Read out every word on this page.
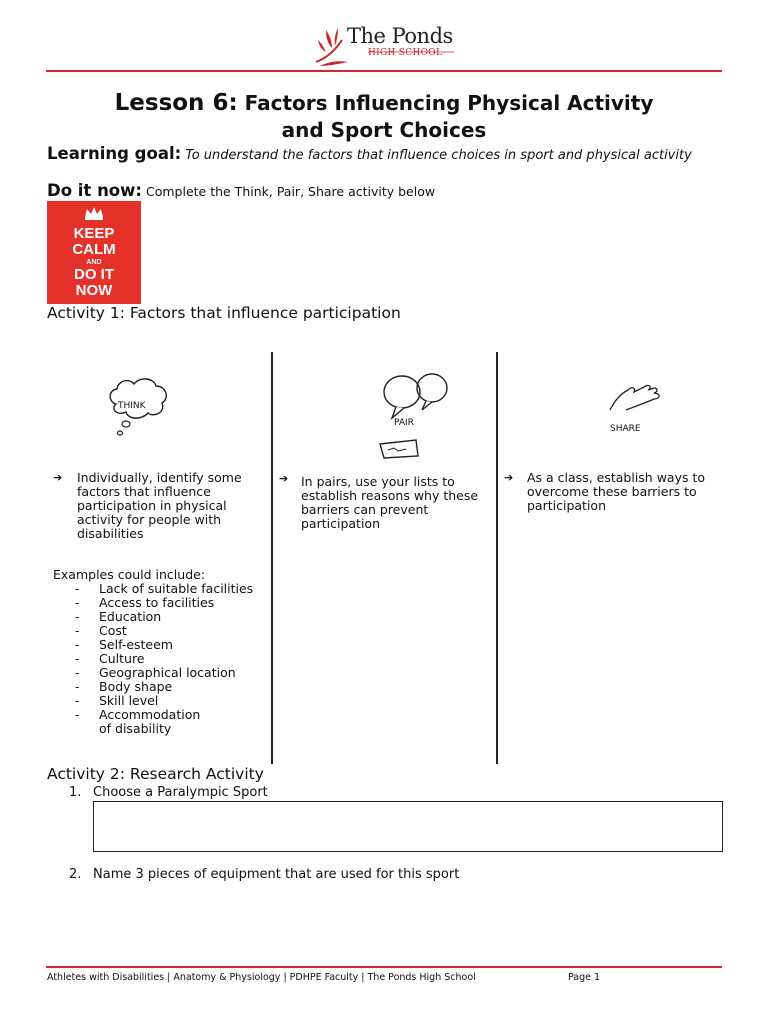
The Ponds
HIGH SCHOOL
Lesson 6: Factors Influencing Physical Activity
and Sport Choices
Learning goal: To understand the factors that influence choices in sport and physical activity
Do it now: Complete the Think, Pair, Share activity below
KEEP
CALM
AND
DO IT
NOW
Activity 1: Factors that influence participation
THINK
PAIR
SHARE
➔ Individually, identify some factors that influence participation in physical activity for people with disabilities
Examples could include:
- Lack of suitable facilities
- Access to facilities
- Education
- Cost
- Self-esteem
- Culture
- Geographical location
- Body shape
- Skill level
- Accommodation of disability
➔ In pairs, use your lists to establish reasons why these barriers can prevent participation
➔ As a class, establish ways to overcome these barriers to participation
Activity 2: Research Activity
1. Choose a Paralympic Sport
2. Name 3 pieces of equipment that are used for this sport
Athletes with Disabilities | Anatomy & Physiology | PDHPE Faculty | The Ponds High School	Page 1
